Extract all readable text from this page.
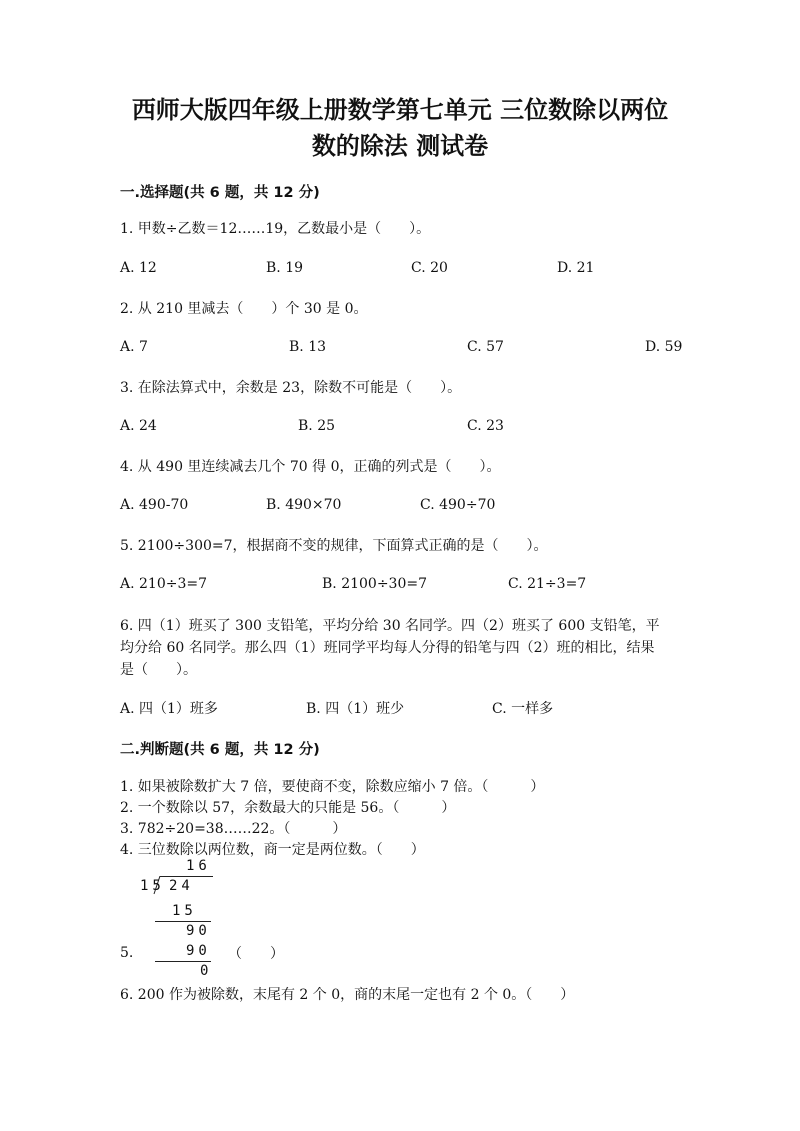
西师大版四年级上册数学第七单元 三位数除以两位
数的除法 测试卷
一.选择题(共 6 题，共 12 分)
1. 甲数÷乙数＝12……19，乙数最小是（　　）。
A. 12	B. 19	C. 20	D. 21
2. 从 210 里减去（　　）个 30 是 0。
A. 7	B. 13	C. 57	D. 59
3. 在除法算式中，余数是 23，除数不可能是（　　）。
A. 24	B. 25	C. 23
4. 从 490 里连续减去几个 70 得 0，正确的列式是（　　）。
A. 490-70	B. 490×70	C. 490÷70
5. 2100÷300=7，根据商不变的规律，下面算式正确的是（　　）。
A. 210÷3=7	B. 2100÷30=7	C. 21÷3=7
6. 四（1）班买了 300 支铅笔，平均分给 30 名同学。四（2）班买了 600 支铅笔，平均分给 60 名同学。那么四（1）班同学平均每人分得的铅笔与四（2）班的相比，结果是（　　）。
A. 四（1）班多	B. 四（1）班少	C. 一样多
二.判断题(共 6 题，共 12 分)
1. 如果被除数扩大 7 倍，要使商不变，除数应缩小 7 倍。（　　　）
2. 一个数除以 57，余数最大的只能是 56。（　　　）
3. 782÷20=38……22。（　　　）
4. 三位数除以两位数，商一定是两位数。（　　）
16
15 24
15
90
90
0
5.	（　　）
6. 200 作为被除数，末尾有 2 个 0，商的末尾一定也有 2 个 0。（　　）
